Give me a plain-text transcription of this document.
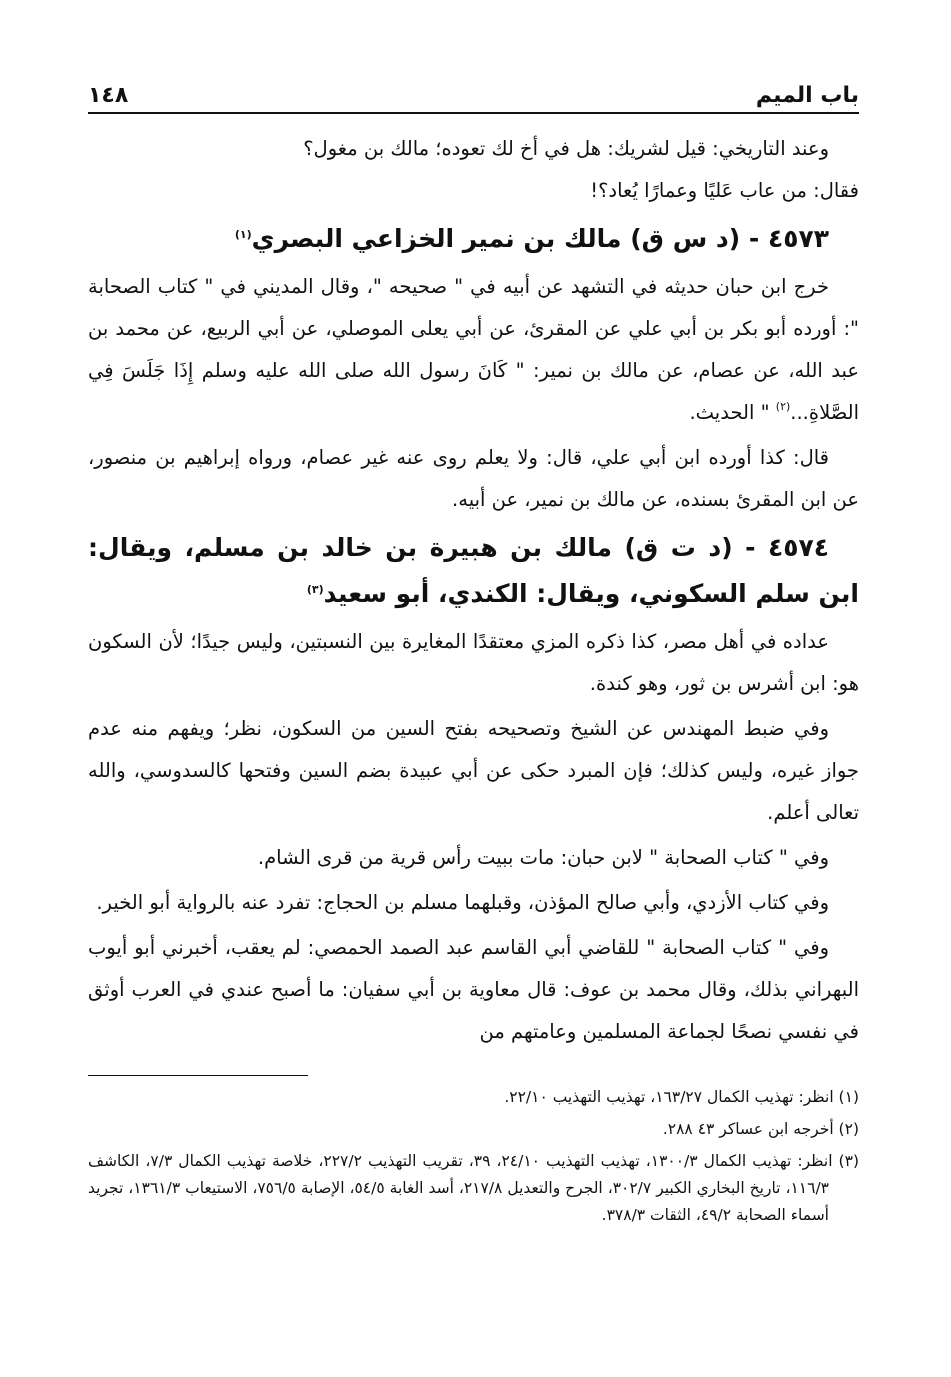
باب الميم
١٤٨

وعند التاريخي: قيل لشريك: هل في أخ لك تعوده؛ مالك بن مغول؟
فقال: من عاب عَليًا وعمارًا يُعاد؟!

٤٥٧٣ - (د س ق) مالك بن نمير الخزاعي البصري$^{(١)}$

خرج ابن حبان حديثه في التشهد عن أبيه في " صحيحه "، وقال المديني في " كتاب الصحابة ": أورده أبو بكر بن أبي علي عن المقرئ، عن أبي يعلى الموصلي، عن أبي الربيع، عن محمد بن عبد الله، عن عصام، عن مالك بن نمير: " كَانَ رسول الله صلى الله عليه وسلم إِذَا جَلَسَ فِي الصَّلاةِ...$^{(٢)}$ " الحديث.

قال: كذا أورده ابن أبي علي، قال: ولا يعلم روى عنه غير عصام، ورواه إبراهيم بن منصور، عن ابن المقرئ بسنده، عن مالك بن نمير، عن أبيه.

٤٥٧٤ - (د ت ق) مالك بن هبيرة بن خالد بن مسلم، ويقال: ابن سلم السكوني، ويقال: الكندي، أبو سعيد$^{(٣)}$

عداده في أهل مصر، كذا ذكره المزي معتقدًا المغايرة بين النسبتين، وليس جيدًا؛ لأن السكون هو: ابن أشرس بن ثور، وهو كندة.

وفي ضبط المهندس عن الشيخ وتصحيحه بفتح السين من السكون، نظر؛ ويفهم منه عدم جواز غيره، وليس كذلك؛ فإن المبرد حكى عن أبي عبيدة بضم السين وفتحها كالسدوسي، والله تعالى أعلم.

وفي " كتاب الصحابة " لابن حبان: مات ببيت رأس قرية من قرى الشام.

وفي كتاب الأزدي، وأبي صالح المؤذن، وقبلهما مسلم بن الحجاج: تفرد عنه بالرواية أبو الخير.

وفي " كتاب الصحابة " للقاضي أبي القاسم عبد الصمد الحمصي: لم يعقب، أخبرني أبو أيوب البهراني بذلك، وقال محمد بن عوف: قال معاوية بن أبي سفيان: ما أصبح عندي في العرب أوثق في نفسي نصحًا لجماعة المسلمين وعامتهم من

(١) انظر: تهذيب الكمال ١٦٣/٢٧، تهذيب التهذيب ٢٢/١٠.

(٢) أخرجه ابن عساكر ٤٣ ٢٨٨.

(٣) انظر: تهذيب الكمال ١٣٠٠/٣، تهذيب التهذيب ٢٤/١٠، ٣٩، تقريب التهذيب ٢٢٧/٢، خلاصة تهذيب الكمال ٧/٣، الكاشف ١١٦/٣، تاريخ البخاري الكبير ٣٠٢/٧، الجرح والتعديل ٢١٧/٨، أسد الغابة ٥٤/٥، الإصابة ٧٥٦/٥، الاستيعاب ١٣٦١/٣، تجريد أسماء الصحابة ٤٩/٢، الثقات ٣٧٨/٣.
